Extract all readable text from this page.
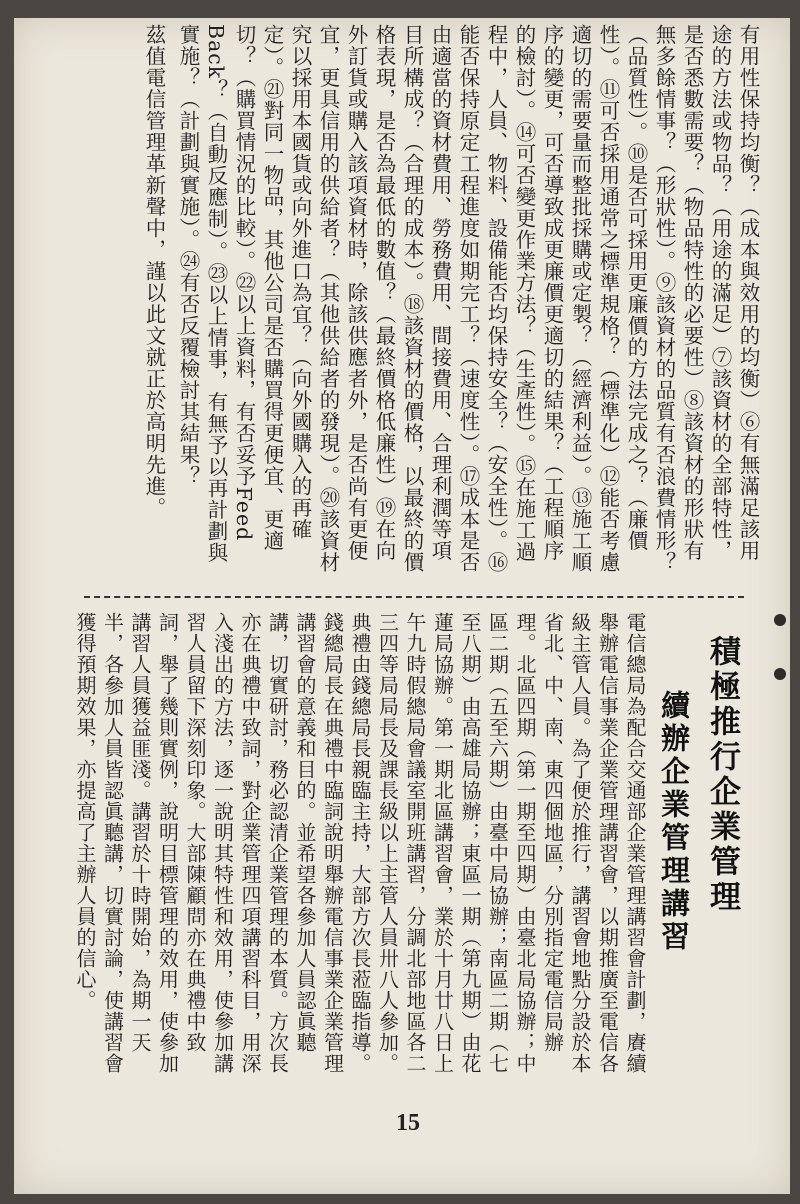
有用性保持均衡？（成本與效用的均衡）⑥有無滿足該用途的方法或物品？（用途的滿足）⑦該資材的全部特性，是否悉數需要？（物品特性的必要性）⑧該資材的形狀有無多餘情事？（形狀性）。⑨該資材的品質有否浪費情形？（品質性）。⑩是否可採用更廉價的方法完成之？（廉價性）。⑪可否採用通常之標準規格？（標準化）⑫能否考慮適切的需要量而整批採購或定製？（經濟利益）。⑬施工順序的變更，可否導致成更廉價更適切的結果？（工程順序的檢討）。⑭可否變更作業方法？（生產性）。⑮在施工過程中，人員、物料、設備能否均保持安全？（安全性）。⑯能否保持原定工程進度如期完工？（速度性）。⑰成本是否由適當的資材費用、勞務費用、間接費用、合理利潤等項目所構成？（合理的成本）。⑱該資材的價格，以最終的價格表現，是否為最低的數值？（最終價格低廉性）⑲在向外訂貨或購入該項資材時，除該供應者外，是否尚有更便宜，更具信用的供給者？（其他供給者的發現）。⑳該資材究以採用本國貨或向外進口為宜？（向外國購入的再確定）。㉑對同一物品，其他公司是否購買得更便宜、更適切？（購買情況的比較）。㉒以上資料，有否妥予Feed Back？（自動反應制）。㉓以上情事，有無予以再計劃與實施？（計劃與實施）。㉔有否反覆檢討其結果？

茲值電信管理革新聲中，謹以此文就正於高明先進。

積極推行企業管理
續辦企業管理講習

電信總局為配合交通部企業管理講習會計劃，賡續舉辦電信事業企業管理講習會，以期推廣至電信各級主管人員。為了便於推行，講習會地點分設於本省北、中、南、東四個地區，分別指定電信局辦理。北區四期（第一期至四期）由臺北局協辦；中區二期（五至六期）由臺中局協辦；南區二期（七至八期）由高雄局協辦；東區一期（第九期）由花蓮局協辦。第一期北區講習會，業於十月廿八日上午九時假總局會議室開班講習，分調北部地區各二三四等局局長及課長級以上主管人員卅八人參加。典禮由錢總局長親臨主持，大部方次長蒞臨指導。錢總局長在典禮中臨詞說明舉辦電信事業企業管理講習會的意義和目的。並希望各參加人員認眞聽講，切實研討，務必認清企業管理的本質。方次長亦在典禮中致詞，對企業管理四項講習科目，用深入淺出的方法，逐一說明其特性和效用，使參加講習人員留下深刻印象。大部陳顧問亦在典禮中致詞，舉了幾則實例，說明目標管理的效用，使參加講習人員獲益匪淺。講習於十時開始，為期一天半，各參加人員皆認眞聽講，切實討論，使講習會獲得預期效果，亦提高了主辦人員的信心。

15
